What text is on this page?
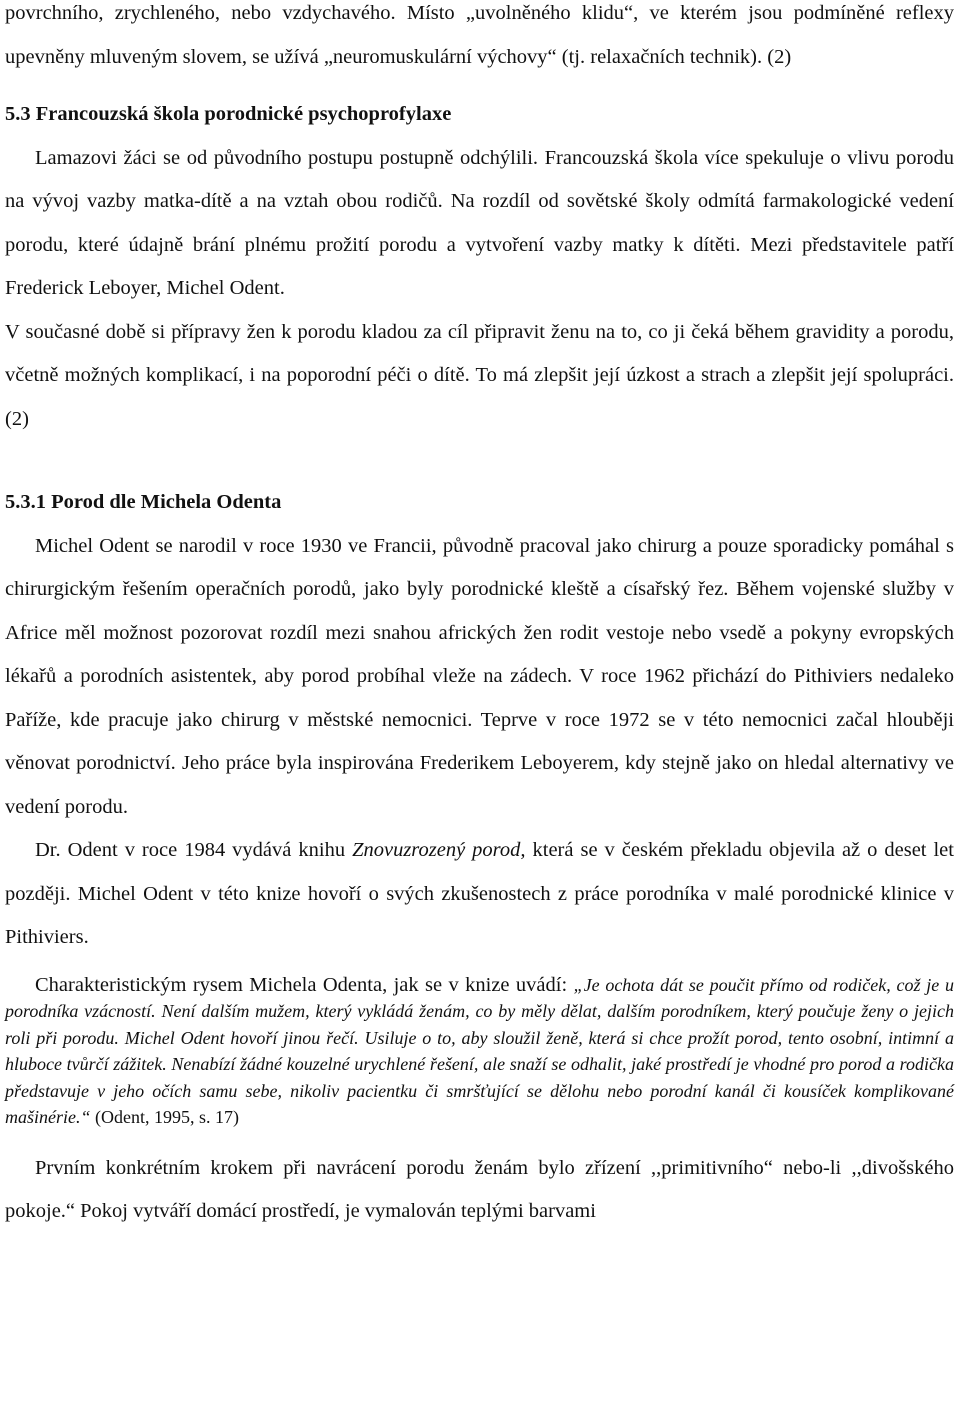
povrchního, zrychleného, nebo vzdychavého. Místo „uvolněného klidu“, ve kterém jsou podmíněné reflexy upevněny mluveným slovem, se užívá „neuromuskulární výchovy“ (tj. relaxačních technik). (2)

5.3 Francouzská škola porodnické psychoprofylaxe

Lamazovi žáci se od původního postupu postupně odchýlili. Francouzská škola více spekuluje o vlivu porodu na vývoj vazby matka-dítě a na vztah obou rodičů. Na rozdíl od sovětské školy odmítá farmakologické vedení porodu, které údajně brání plnému prožití porodu a vytvoření vazby matky k dítěti. Mezi představitele patří Frederick Leboyer, Michel Odent.

V současné době si přípravy žen k porodu kladou za cíl připravit ženu na to, co ji čeká během gravidity a porodu, včetně možných komplikací, i na poporodní péči o dítě. To má zlepšit její úzkost a strach a zlepšit její spolupráci. (2)

5.3.1 Porod dle Michela Odenta

Michel Odent se narodil v roce 1930 ve Francii, původně pracoval jako chirurg a pouze sporadicky pomáhal s chirurgickým řešením operačních porodů, jako byly porodnické kleště a císařský řez. Během vojenské služby v Africe měl možnost pozorovat rozdíl mezi snahou afrických žen rodit vestoje nebo vsedě a pokyny evropských lékařů a porodních asistentek, aby porod probíhal vleže na zádech. V roce 1962 přichází do Pithiviers nedaleko Paříže, kde pracuje jako chirurg v městské nemocnici. Teprve v roce 1972 se v této nemocnici začal hlouběji věnovat porodnictví. Jeho práce byla inspirována Frederikem Leboyerem, kdy stejně jako on hledal alternativy ve vedení porodu.

Dr. Odent v roce 1984 vydává knihu Znovuzrozený porod, která se v českém překladu objevila až o deset let později. Michel Odent v této knize hovoří o svých zkušenostech z práce porodníka v malé porodnické klinice v Pithiviers.

Charakteristickým rysem Michela Odenta, jak se v knize uvádí: „Je ochota dát se poučit přímo od rodiček, což je u porodníka vzácností. Není dalším mužem, který vykládá ženám, co by měly dělat, dalším porodníkem, který poučuje ženy o jejich roli při porodu. Michel Odent hovoří jinou řečí. Usiluje o to, aby sloužil ženě, která si chce prožít porod, tento osobní, intimní a hluboce tvůrčí zážitek. Nenabízí žádné kouzelné urychlené řešení, ale snaží se odhalit, jaké prostředí je vhodné pro porod a rodička představuje v jeho očích samu sebe, nikoliv pacientku či smršťující se dělohu nebo porodní kanál či kousíček komplikované mašinérie.“ (Odent, 1995, s. 17)

Prvním konkrétním krokem při navrácení porodu ženám bylo zřízení ,,primitivního“ nebo-li ,,divošského pokoje.“ Pokoj vytváří domácí prostředí, je vymalován teplými barvami
